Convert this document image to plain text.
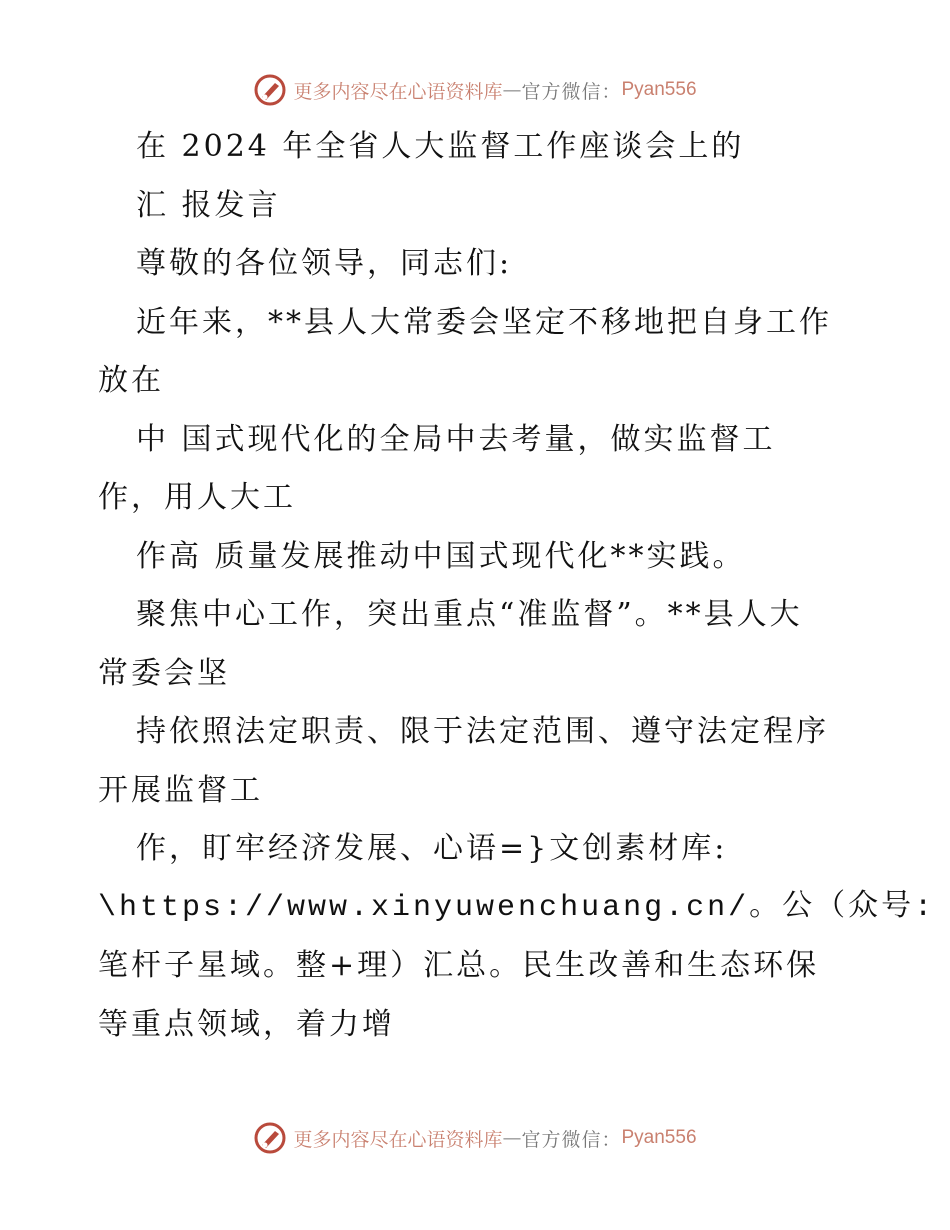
更多内容尽在心语资料库 — 官方微信： Pyan556
在 2024 年全省人大监督工作座谈会上的
汇 报发言
尊敬的各位领导，同志们:
近年来，**县人大常委会坚定不移地把自身工作
放在
中 国式现代化的全局中去考量，做实监督工
作，用人大工
作高 质量发展推动中国式现代化**实践。
聚焦中心工作，突出重点“准监督”。**县人大
常委会坚
持依照法定职责、限于法定范围、遵守法定程序
开展监督工
作，盯牢经济发展、心语=}文创素材库:
\https://www.xinyuwenchuang.cn/。公（众号:
笔杆子星域。整+理）汇总。民生改善和生态环保
等重点领域，着力增
更多内容尽在心语资料库 — 官方微信： Pyan556
